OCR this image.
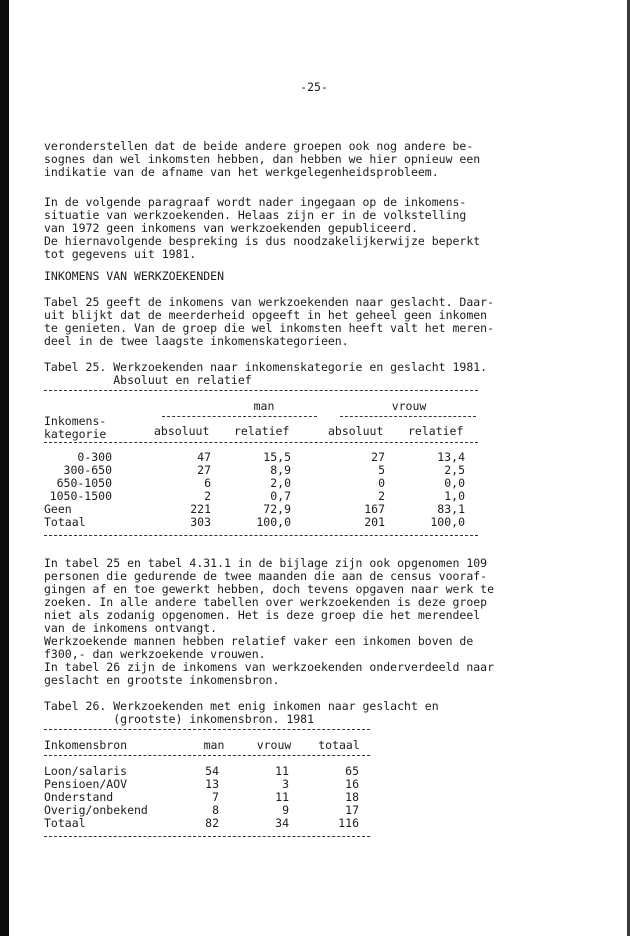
-25-
veronderstellen dat de beide andere groepen ook nog andere be-
sognes dan wel inkomsten hebben, dan hebben we hier opnieuw een
indikatie van de afname van het werkgelegenheidsprobleem.
In de volgende paragraaf wordt nader ingegaan op de inkomens-
situatie van werkzoekenden. Helaas zijn er in de volkstelling
van 1972 geen inkomens van werkzoekenden gepubliceerd.
De hiernavolgende bespreking is dus noodzakelijkerwijze beperkt
tot gegevens uit 1981.
INKOMENS VAN WERKZOEKENDEN
Tabel 25 geeft de inkomens van werkzoekenden naar geslacht. Daar-
uit blijkt dat de meerderheid opgeeft in het geheel geen inkomen
te genieten. Van de groep die wel inkomsten heeft valt het meren-
deel in de twee laagste inkomenskategorieen.
Tabel 25. Werkzoekenden naar inkomenskategorie en geslacht 1981.
Absoluut en relatief
man	vrouw
Inkomens-
kategorie	absoluut relatief	absoluut relatief
0-300	47	15,5	27	13,4
300-650	27	8,9	5	2,5
650-1050	6	2,0	0	0,0
1050-1500	2	0,7	2	1,0
Geen	221	72,9	167	83,1
Totaal	303	100,0	201	100,0
In tabel 25 en tabel 4.31.1 in de bijlage zijn ook opgenomen 109
personen die gedurende de twee maanden die aan de census vooraf-
gingen af en toe gewerkt hebben, doch tevens opgaven naar werk te
zoeken. In alle andere tabellen over werkzoekenden is deze groep
niet als zodanig opgenomen. Het is deze groep die het merendeel
van de inkomens ontvangt.
Werkzoekende mannen hebben relatief vaker een inkomen boven de
f300,- dan werkzoekende vrouwen.
In tabel 26 zijn de inkomens van werkzoekenden onderverdeeld naar
geslacht en grootste inkomensbron.
Tabel 26. Werkzoekenden met enig inkomen naar geslacht en
(grootste) inkomensbron. 1981
Inkomensbron	man	vrouw	totaal
Loon/salaris	54	11	65
Pensioen/AOV	13	3	16
Onderstand	7	11	18
Overig/onbekend	8	9	17
Totaal	82	34	116
